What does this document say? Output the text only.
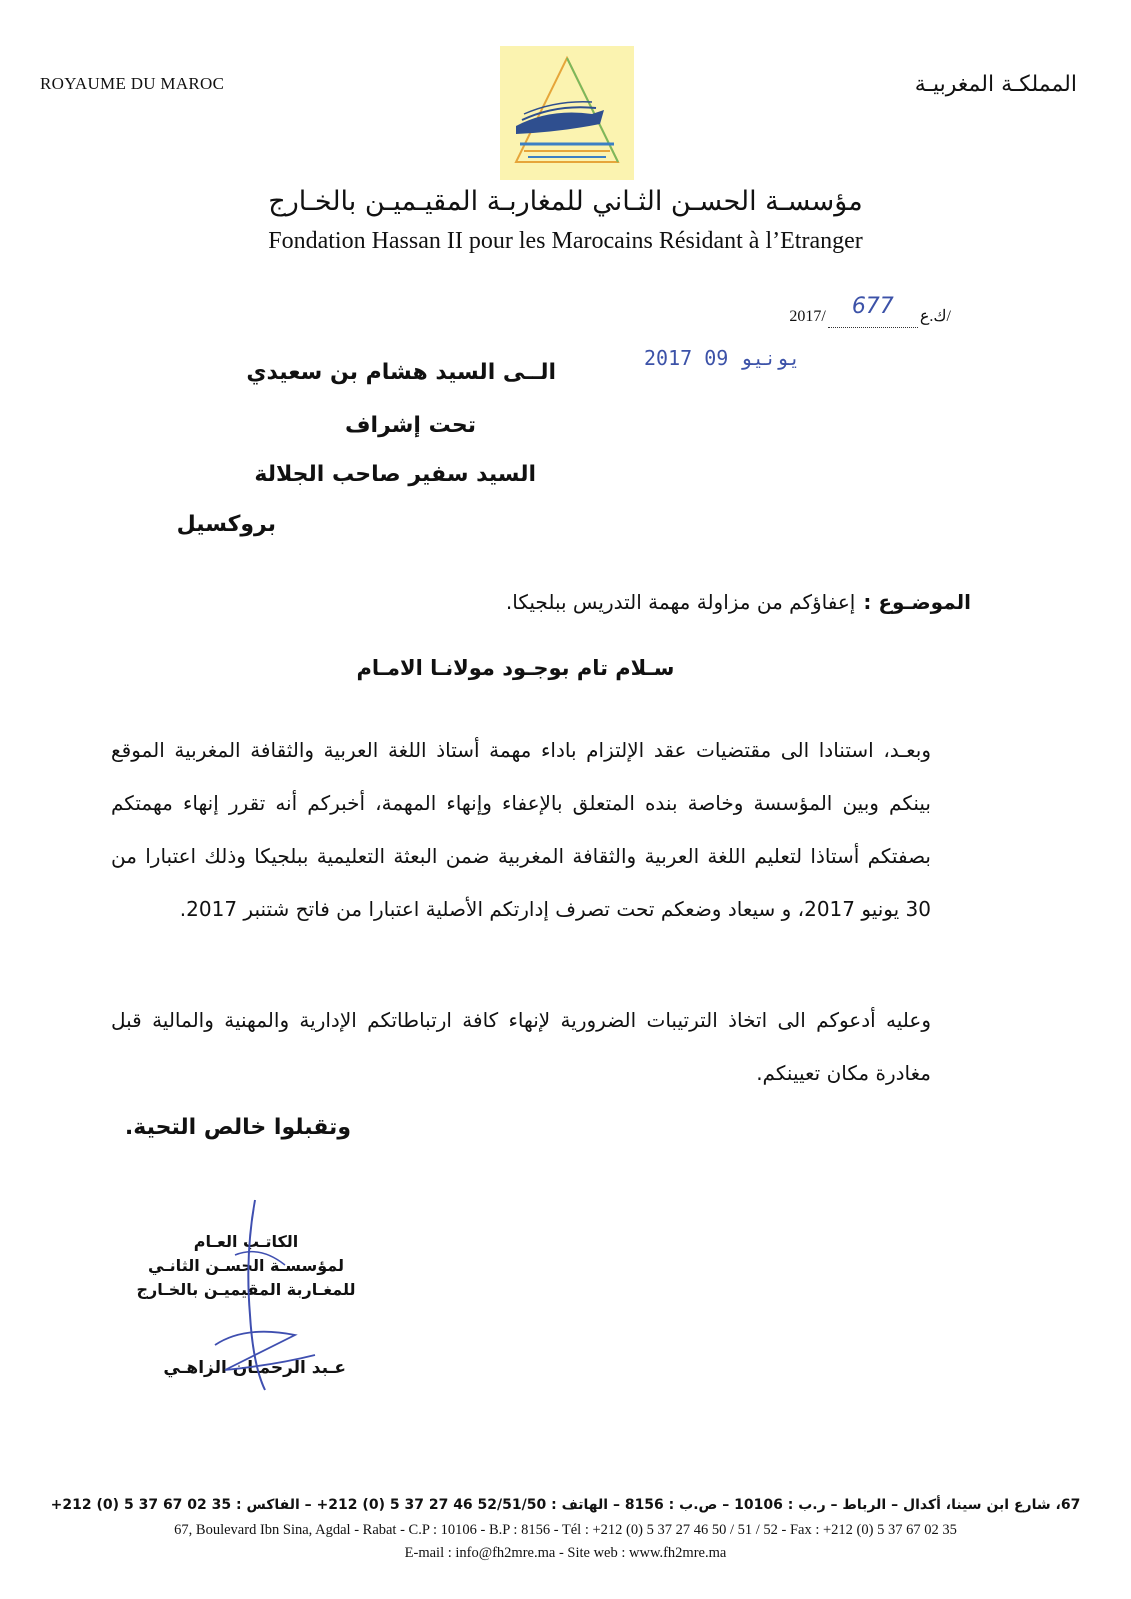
ROYAUME DU MAROC	المملكـة المغربيـة
مؤسسـة الحسـن الثـاني للمغاربـة المقيـميـن بالخـارج
Fondation Hassan II pour les Marocains Résidant à l’Etranger
2017/	677	ك.ع/
2017 يونيو 09
الــى السيد هشام بن سعيدي
تحت إشراف
السيد سفير صاحب الجلالة
بروكسيل
الموضـوع :
إعفاؤكم من مزاولة مهمة التدريس ببلجيكا.
سـلام تام بوجـود مولانـا الامـام
وبعـد، استنادا الى مقتضيات عقد الإلتزام باداء مهمة أستاذ اللغة العربية والثقافة المغربية الموقع بينكم وبين المؤسسة وخاصة بنده المتعلق بالإعفاء وإنهاء المهمة، أخبركم أنه تقرر إنهاء مهمتكم بصفتكم أستاذا لتعليم اللغة العربية والثقافة المغربية ضمن البعثة التعليمية ببلجيكا وذلك اعتبارا من 30 يونيو 2017، و سيعاد وضعكم تحت تصرف إدارتكم الأصلية اعتبارا من فاتح شتنبر 2017.
وعليه أدعوكم الى اتخاذ الترتيبات الضرورية لإنهاء كافة ارتباطاتكم الإدارية والمهنية والمالية قبل مغادرة مكان تعيينكم.
وتقبلوا خالص التحية.
الكاتـب العـام
لمؤسسـة الحسـن الثانـي
للمغـاربة المقيميـن بالخـارج
عـبد الرحمـان الزاهـي
67، شارع ابن سينا، أكدال – الرباط – ر.ب : 10106 – ص.ب : 8156 – الهاتف : 52/51/50 46 27 37 5 (0) 212+ – الفاكس : 35 02 67 37 5 (0) 212+
67, Boulevard Ibn Sina, Agdal - Rabat - C.P : 10106 - B.P : 8156 - Tél : +212 (0) 5 37 27 46 50 / 51 / 52 - Fax : +212 (0) 5 37 67 02 35
E-mail : info@fh2mre.ma - Site web : www.fh2mre.ma
